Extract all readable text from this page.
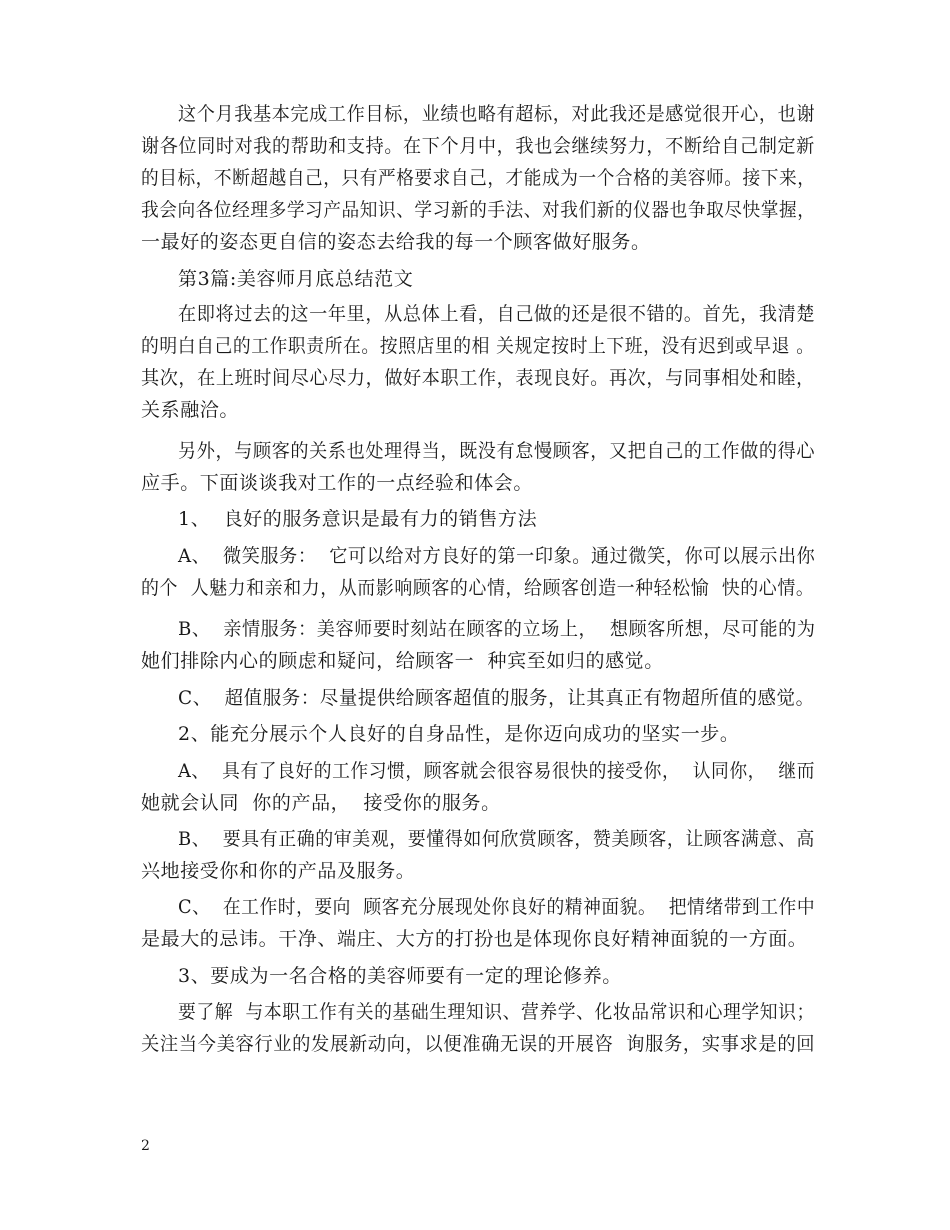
这个月我基本完成工作目标，业绩也略有超标，对此我还是感觉很开心，也谢
谢各位同时对我的帮助和支持。在下个月中，我也会继续努力，不断给自己制定新
的目标，不断超越自己，只有严格要求自己，才能成为一个合格的美容师。接下来，
我会向各位经理多学习产品知识、学习新的手法、对我们新的仪器也争取尽快掌握，
一最好的姿态更自信的姿态去给我的每一个顾客做好服务。
第3篇:美容师月底总结范文
在即将过去的这一年里，从总体上看，自己做的还是很不错的。首先，我清楚
的明白自己的工作职责所在。按照店里的相 关规定按时上下班，没有迟到或早退 。
其次，在上班时间尽心尽力，做好本职工作，表现良好。再次，与同事相处和睦，
关系融洽。
另外，与顾客的关系也处理得当，既没有怠慢顾客，又把自己的工作做的得心
应手。下面谈谈我对工作的一点经验和体会。
1、  良好的服务意识是最有力的销售方法
A、  微笑服务：  它可以给对方良好的第一印象。通过微笑，你可以展示出你
的个  人魅力和亲和力，从而影响顾客的心情，给顾客创造一种轻松愉  快的心情。
B、  亲情服务：美容师要时刻站在顾客的立场上，  想顾客所想，尽可能的为
她们排除内心的顾虑和疑问，给顾客一  种宾至如归的感觉。
C、  超值服务：尽量提供给顾客超值的服务，让其真正有物超所值的感觉。
2、能充分展示个人良好的自身品性，是你迈向成功的坚实一步。
A、  具有了良好的工作习惯，顾客就会很容易很快的接受你，  认同你，  继而
她就会认同  你的产品，  接受你的服务。
B、  要具有正确的审美观，要懂得如何欣赏顾客，赞美顾客，让顾客满意、高
兴地接受你和你的产品及服务。
C、  在工作时，要向  顾客充分展现处你良好的精神面貌。  把情绪带到工作中
是最大的忌讳。干净、端庄、大方的打扮也是体现你良好精神面貌的一方面。
3、要成为一名合格的美容师要有一定的理论修养。
要了解  与本职工作有关的基础生理知识、营养学、化妆品常识和心理学知识；
关注当今美容行业的发展新动向，以便准确无误的开展咨  询服务，实事求是的回
2
